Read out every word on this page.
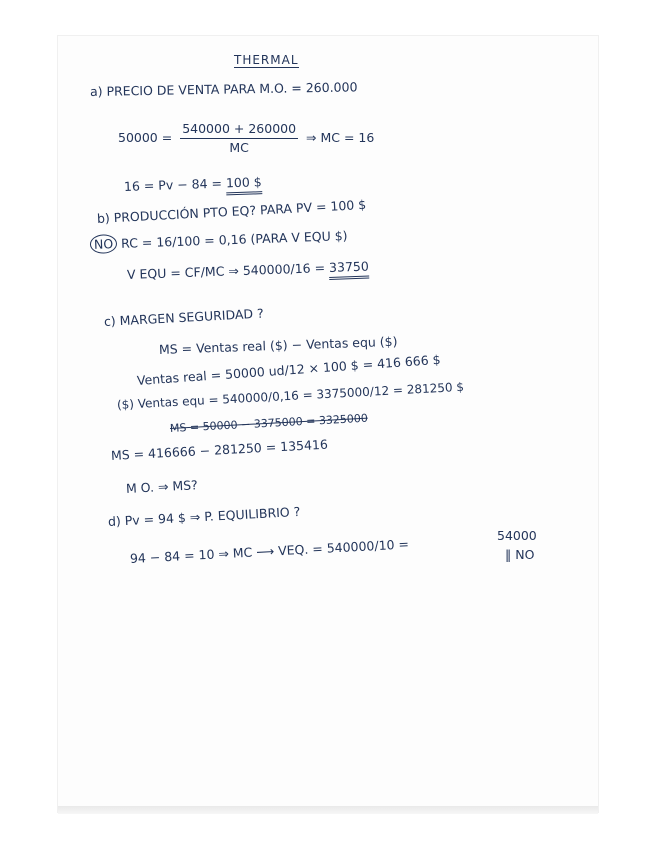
THERMAL
a) PRECIO DE VENTA PARA M.O. = 260.000
$50000 = \frac{540000 + 260000}{MC}$ ⇒ MC = 16
16 = Pv − 84 = 100 $
b) PRODUCCIÓN PTO EQ? PARA PV = 100 $
NO RC = 16/100 = 0,16 (PARA V EQU $)
V EQU = CF/MC ⇒ 540000/16 = 33750
c) MARGEN SEGURIDAD ?
MS = Ventas real ($) − Ventas equ ($)
Ventas real = 50000 ud/12 × 100 $ = 416 666 $
($) Ventas equ = 540000/0,16 = 3375000/12 = 281250 $
MS = 50000 − 3375000 = 3325000
MS = 416666 − 281250 = 135416
M O. ⇒ MS?
d) Pv = 94 $ ⇒ P. EQUILIBRIO ?
94 − 84 = 10 ⇒ MC ⟶ VEQ. = 540000/10 =
54000
‖ NO
